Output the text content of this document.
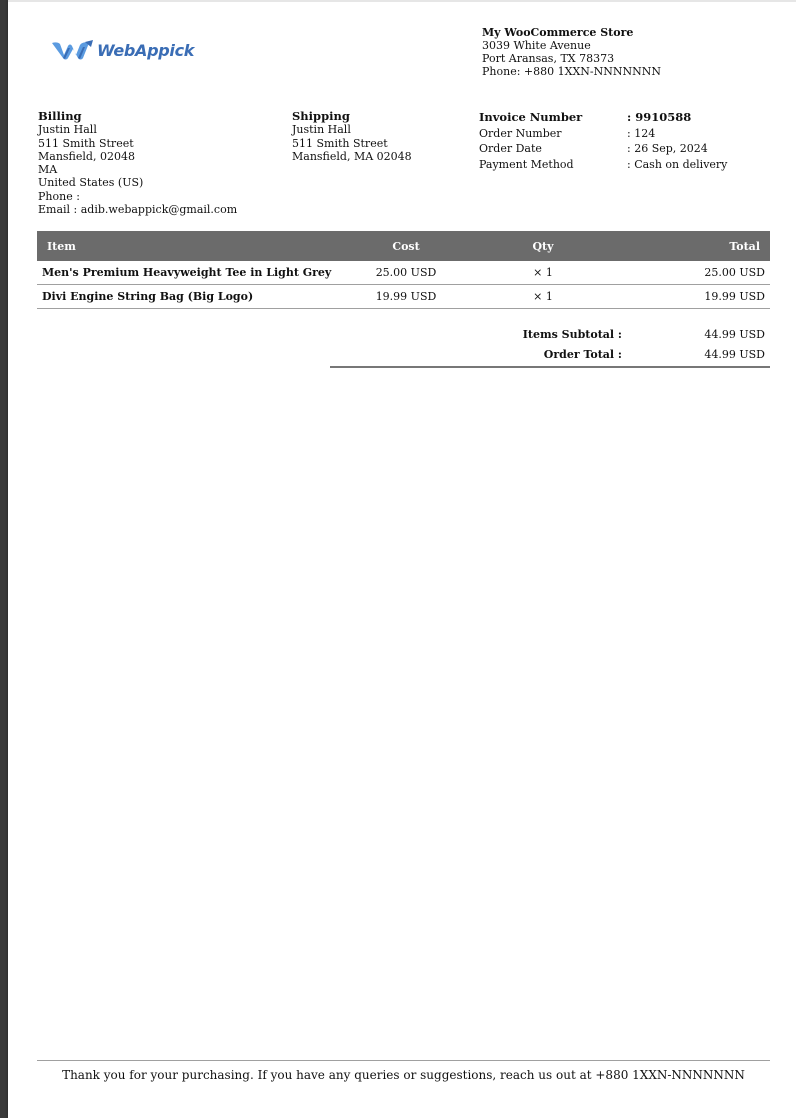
WebAppick
My WooCommerce Store
3039 White Avenue
Port Aransas, TX 78373
Phone: +880 1XXN-NNNNNNN
Billing
Justin Hall
511 Smith Street
Mansfield, 02048
MA
United States (US)
Phone :
Email : adib.webappick@gmail.com
Shipping
Justin Hall
511 Smith Street
Mansfield, MA 02048
Invoice Number	: 9910588
Order Number	: 124
Order Date	: 26 Sep, 2024
Payment Method	: Cash on delivery
Item	Cost	Qty	Total
Men's Premium Heavyweight Tee in Light Grey	25.00 USD	× 1	25.00 USD
Divi Engine String Bag (Big Logo)	19.99 USD	× 1	19.99 USD
Items Subtotal :	44.99 USD
Order Total :	44.99 USD
Thank you for your purchasing. If you have any queries or suggestions, reach us out at +880 1XXN-NNNNNNN
